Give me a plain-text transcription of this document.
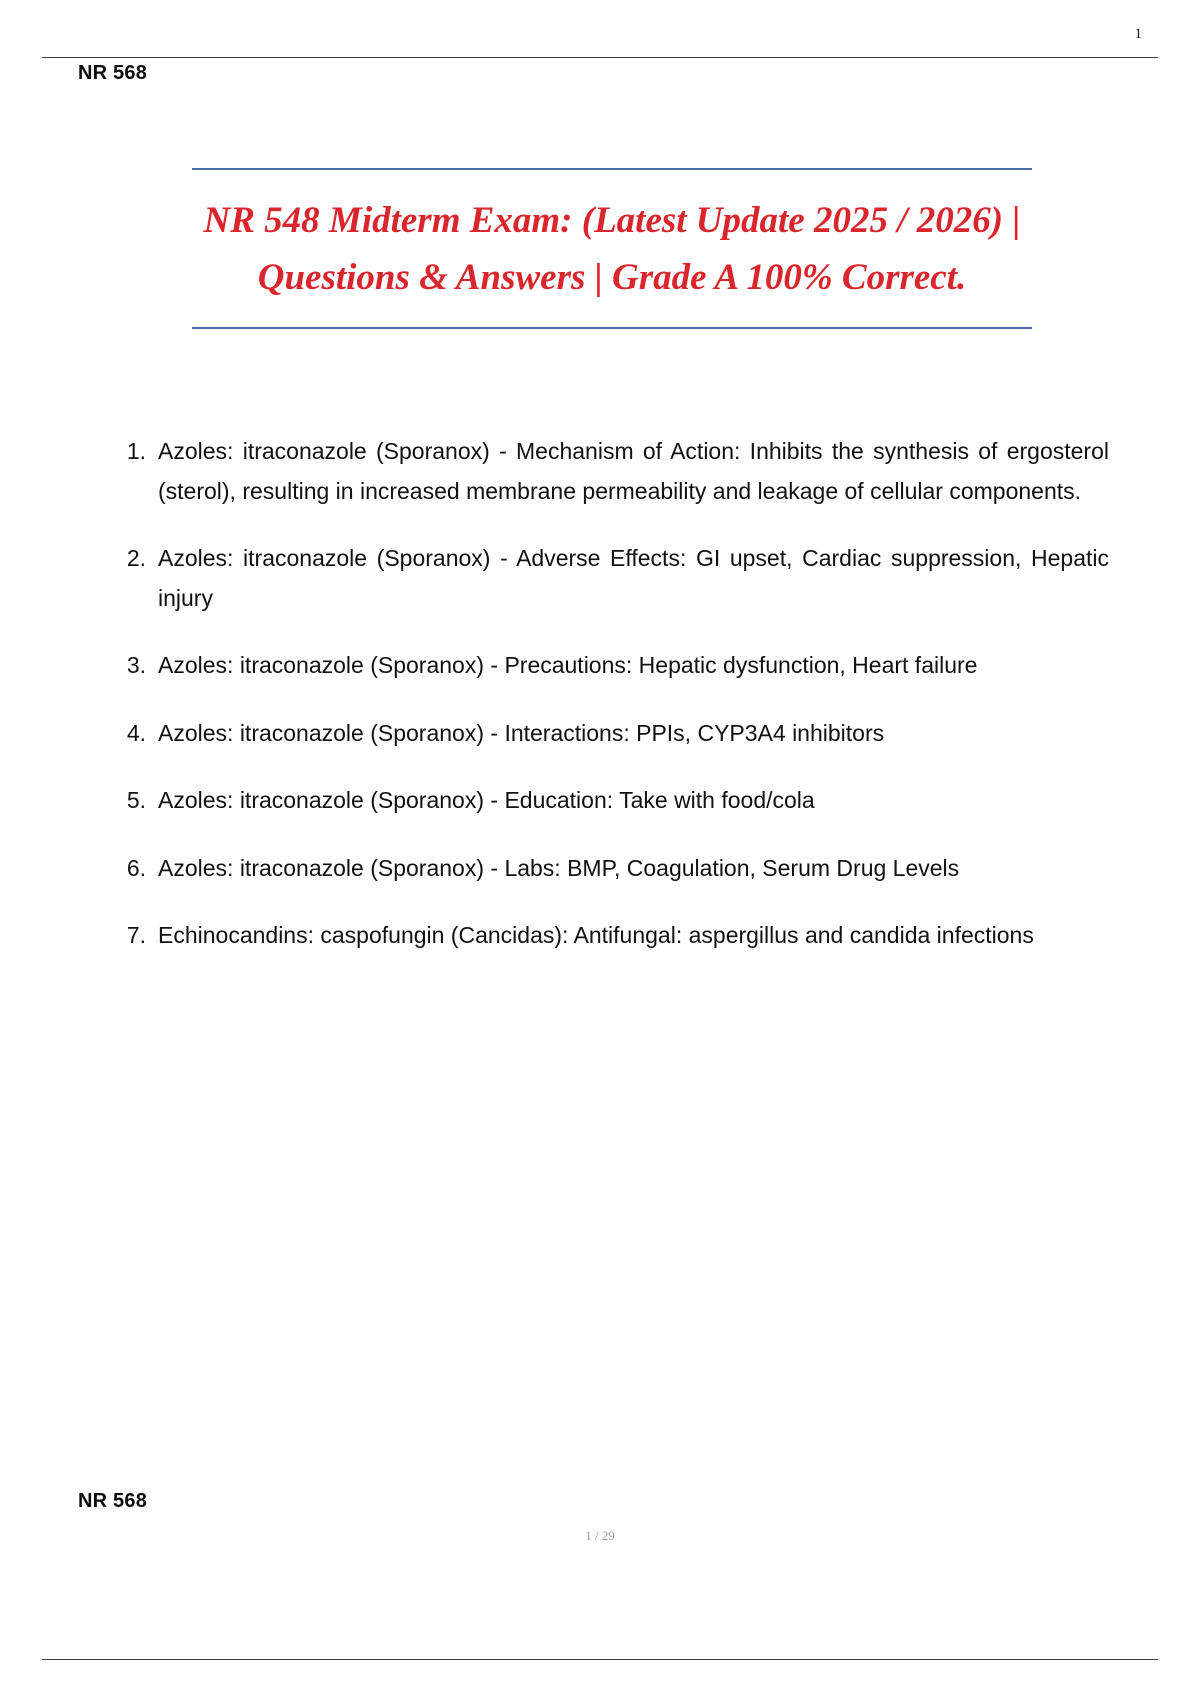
1
NR 568
NR 548 Midterm Exam: (Latest Update 2025 / 2026) | Questions & Answers | Grade A 100% Correct.
1. Azoles: itraconazole (Sporanox) - Mechanism of Action: Inhibits the synthesis of ergosterol (sterol), resulting in increased membrane permeability and leakage of cellular components.
2. Azoles: itraconazole (Sporanox) - Adverse Effects: GI upset, Cardiac suppression, Hepatic injury
3. Azoles: itraconazole (Sporanox) - Precautions: Hepatic dysfunction, Heart failure
4. Azoles: itraconazole (Sporanox) - Interactions: PPIs, CYP3A4 inhibitors
5. Azoles: itraconazole (Sporanox) - Education: Take with food/cola
6. Azoles: itraconazole (Sporanox) - Labs: BMP, Coagulation, Serum Drug Levels
7. Echinocandins: caspofungin (Cancidas): Antifungal: aspergillus and candida infections
NR 568
1 / 29
